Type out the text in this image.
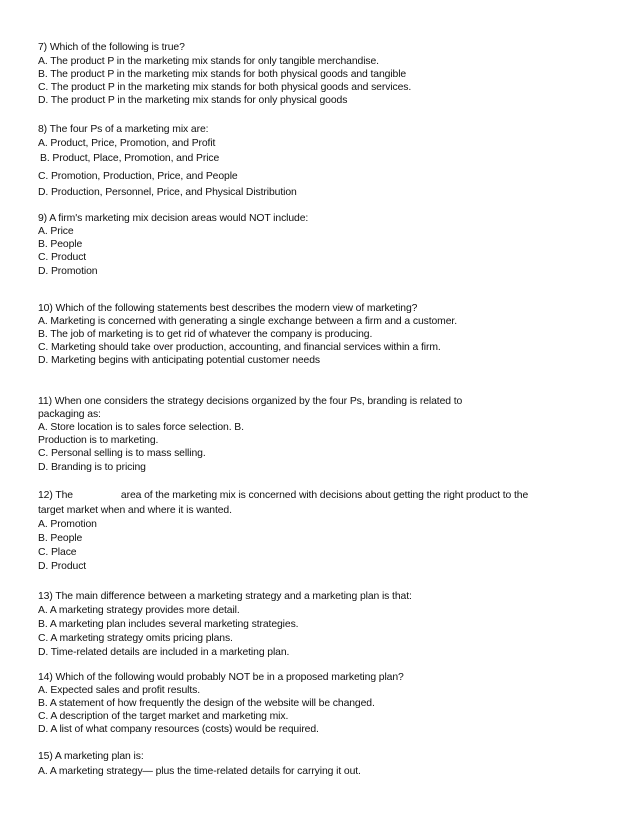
7) Which of the following is true?
A. The product P in the marketing mix stands for only tangible merchandise.
B. The product P in the marketing mix stands for both physical goods and tangible
C. The product P in the marketing mix stands for both physical goods and services.
D. The product P in the marketing mix stands for only physical goods
8) The four Ps of a marketing mix are:
A. Product, Price, Promotion, and Profit
B. Product, Place, Promotion, and Price
C. Promotion, Production, Price, and People
D. Production, Personnel, Price, and Physical Distribution
9) A firm's marketing mix decision areas would NOT include:
A. Price
B. People
C. Product
D. Promotion
10) Which of the following statements best describes the modern view of marketing?
A. Marketing is concerned with generating a single exchange between a firm and a customer.
B. The job of marketing is to get rid of whatever the company is producing.
C. Marketing should take over production, accounting, and financial services within a firm.
D. Marketing begins with anticipating potential customer needs
11) When one considers the strategy decisions organized by the four Ps, branding is related to
packaging as:
A. Store location is to sales force selection. B.
Production is to marketing.
C. Personal selling is to mass selling.
D. Branding is to pricing
12) The	area of the marketing mix is concerned with decisions about getting the right product to the
target market when and where it is wanted.
A. Promotion
B. People
C. Place
D. Product
13) The main difference between a marketing strategy and a marketing plan is that:
A. A marketing strategy provides more detail.
B. A marketing plan includes several marketing strategies.
C. A marketing strategy omits pricing plans.
D. Time-related details are included in a marketing plan.
14) Which of the following would probably NOT be in a proposed marketing plan?
A. Expected sales and profit results.
B. A statement of how frequently the design of the website will be changed.
C. A description of the target market and marketing mix.
D. A list of what company resources (costs) would be required.
15) A marketing plan is:
A. A marketing strategy— plus the time-related details for carrying it out.
